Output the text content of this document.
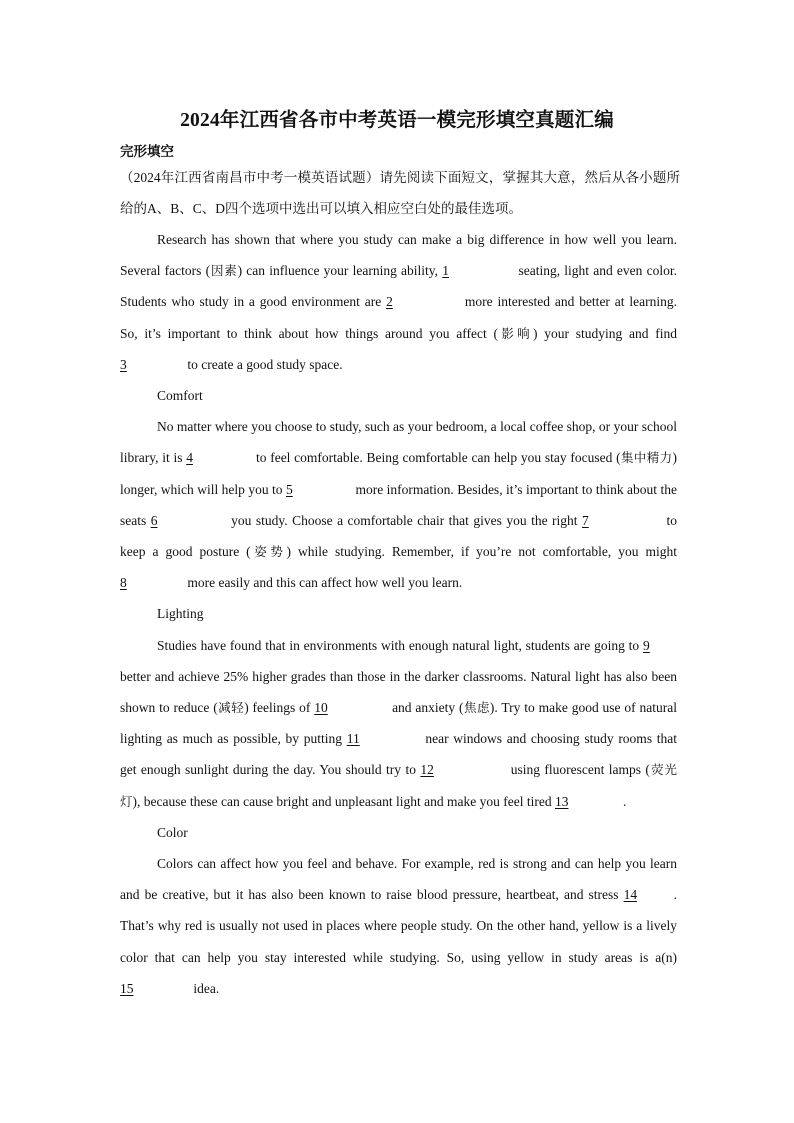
2024年江西省各市中考英语一模完形填空真题汇编
完形填空
（2024年江西省南昌市中考一模英语试题）请先阅读下面短文，掌握其大意，然后从各小题所给的A、B、C、D四个选项中选出可以填入相应空白处的最佳选项。

Research has shown that where you study can make a big difference in how well you learn. Several factors (因素) can influence your learning ability, 1	seating, light and even color. Students who study in a good environment are 2	more interested and better at learning. So, it’s important to think about how things around you affect (影响) your studying and find 3	to create a good study space.

Comfort

No matter where you choose to study, such as your bedroom, a local coffee shop, or your school library, it is 4	to feel comfortable. Being comfortable can help you stay focused (集中精力) longer, which will help you to 5	more information. Besides, it’s important to think about the seats 6	you study. Choose a comfortable chair that gives you the right 7	to keep a good posture (姿势) while studying. Remember, if you’re not comfortable, you might 8	more easily and this can affect how well you learn.

Lighting

Studies have found that in environments with enough natural light, students are going to 9 better and achieve 25% higher grades than those in the darker classrooms. Natural light has also been shown to reduce (减轻) feelings of 10	and anxiety (焦虑). Try to make good use of natural lighting as much as possible, by putting 11	near windows and choosing study rooms that get enough sunlight during the day. You should try to 12	using fluorescent lamps (荧光灯), because these can cause bright and unpleasant light and make you feel tired 13	.

Color

Colors can affect how you feel and behave. For example, red is strong and can help you learn and be creative, but it has also been known to raise blood pressure, heartbeat, and stress 14	. That’s why red is usually not used in places where people study. On the other hand, yellow is a lively color that can help you stay interested while studying. So, using yellow in study areas is a(n) 15	idea.
